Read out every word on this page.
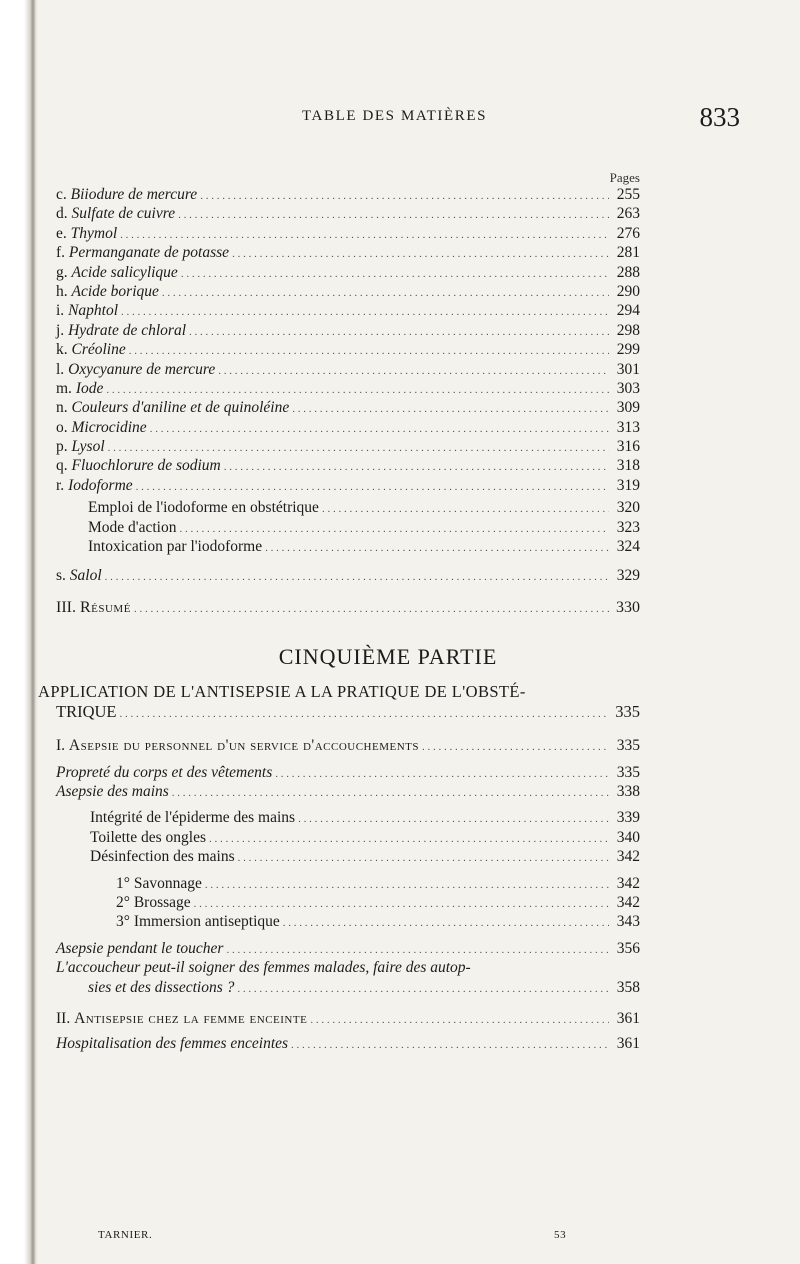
TABLE DES MATIÈRES	833
Pages
c. Biiodure de mercure . . .	255
d. Sulfate de cuivre . . .	263
e. Thymol . . .	276
f. Permanganate de potasse . . .	281
g. Acide salicylique . . .	288
h. Acide borique . . .	290
i. Naphtol . . .	294
j. Hydrate de chloral . . .	298
k. Créoline . . .	299
l. Oxycyanure de mercure . . .	301
m. Iode . . .	303
n. Couleurs d'aniline et de quinoléine . . .	309
o. Microcidine . . .	313
p. Lysol . . .	316
q. Fluochlorure de sodium . . .	318
r. Iodoforme . . .	319
Emploi de l'iodoforme en obstétrique . . .	320
Mode d'action . . .	323
Intoxication par l'iodoforme . . .	324
s. Salol . . .	329
III. Résumé . . .	330
CINQUIÈME PARTIE
APPLICATION DE L'ANTISEPSIE A LA PRATIQUE DE L'OBSTÉ-
TRIQUE . . .	335
I. Asepsie du personnel d'un service d'accouchements . . .	335
Propreté du corps et des vêtements . . .	335
Asepsie des mains . . .	338
Intégrité de l'épiderme des mains . . .	339
Toilette des ongles . . .	340
Désinfection des mains . . .	342
1° Savonnage . . .	342
2° Brossage . . .	342
3° Immersion antiseptique . . .	343
Asepsie pendant le toucher . . .	356
L'accoucheur peut-il soigner des femmes malades, faire des autop-
sies et des dissections ? . . .	358
II. Antisepsie chez la femme enceinte . . .	361
Hospitalisation des femmes enceintes . . .	361
TARNIER.	53
